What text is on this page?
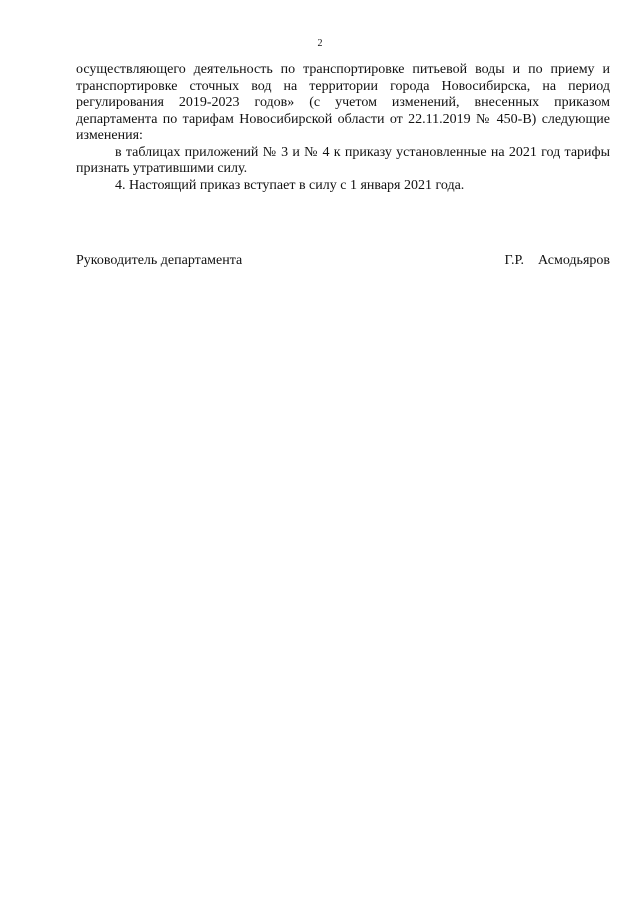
2

осуществляющего деятельность по транспортировке питьевой воды и по приему и транспортировке сточных вод на территории города Новосибирска, на период регулирования 2019-2023 годов» (с учетом изменений, внесенных приказом департамента по тарифам Новосибирской области от 22.11.2019 № 450-В) следующие изменения:

в таблицах приложений № 3 и № 4 к приказу установленные на 2021 год тарифы признать утратившими силу.

4. Настоящий приказ вступает в силу с 1 января 2021 года.

Руководитель департамента	Г.Р. Асмодьяров
